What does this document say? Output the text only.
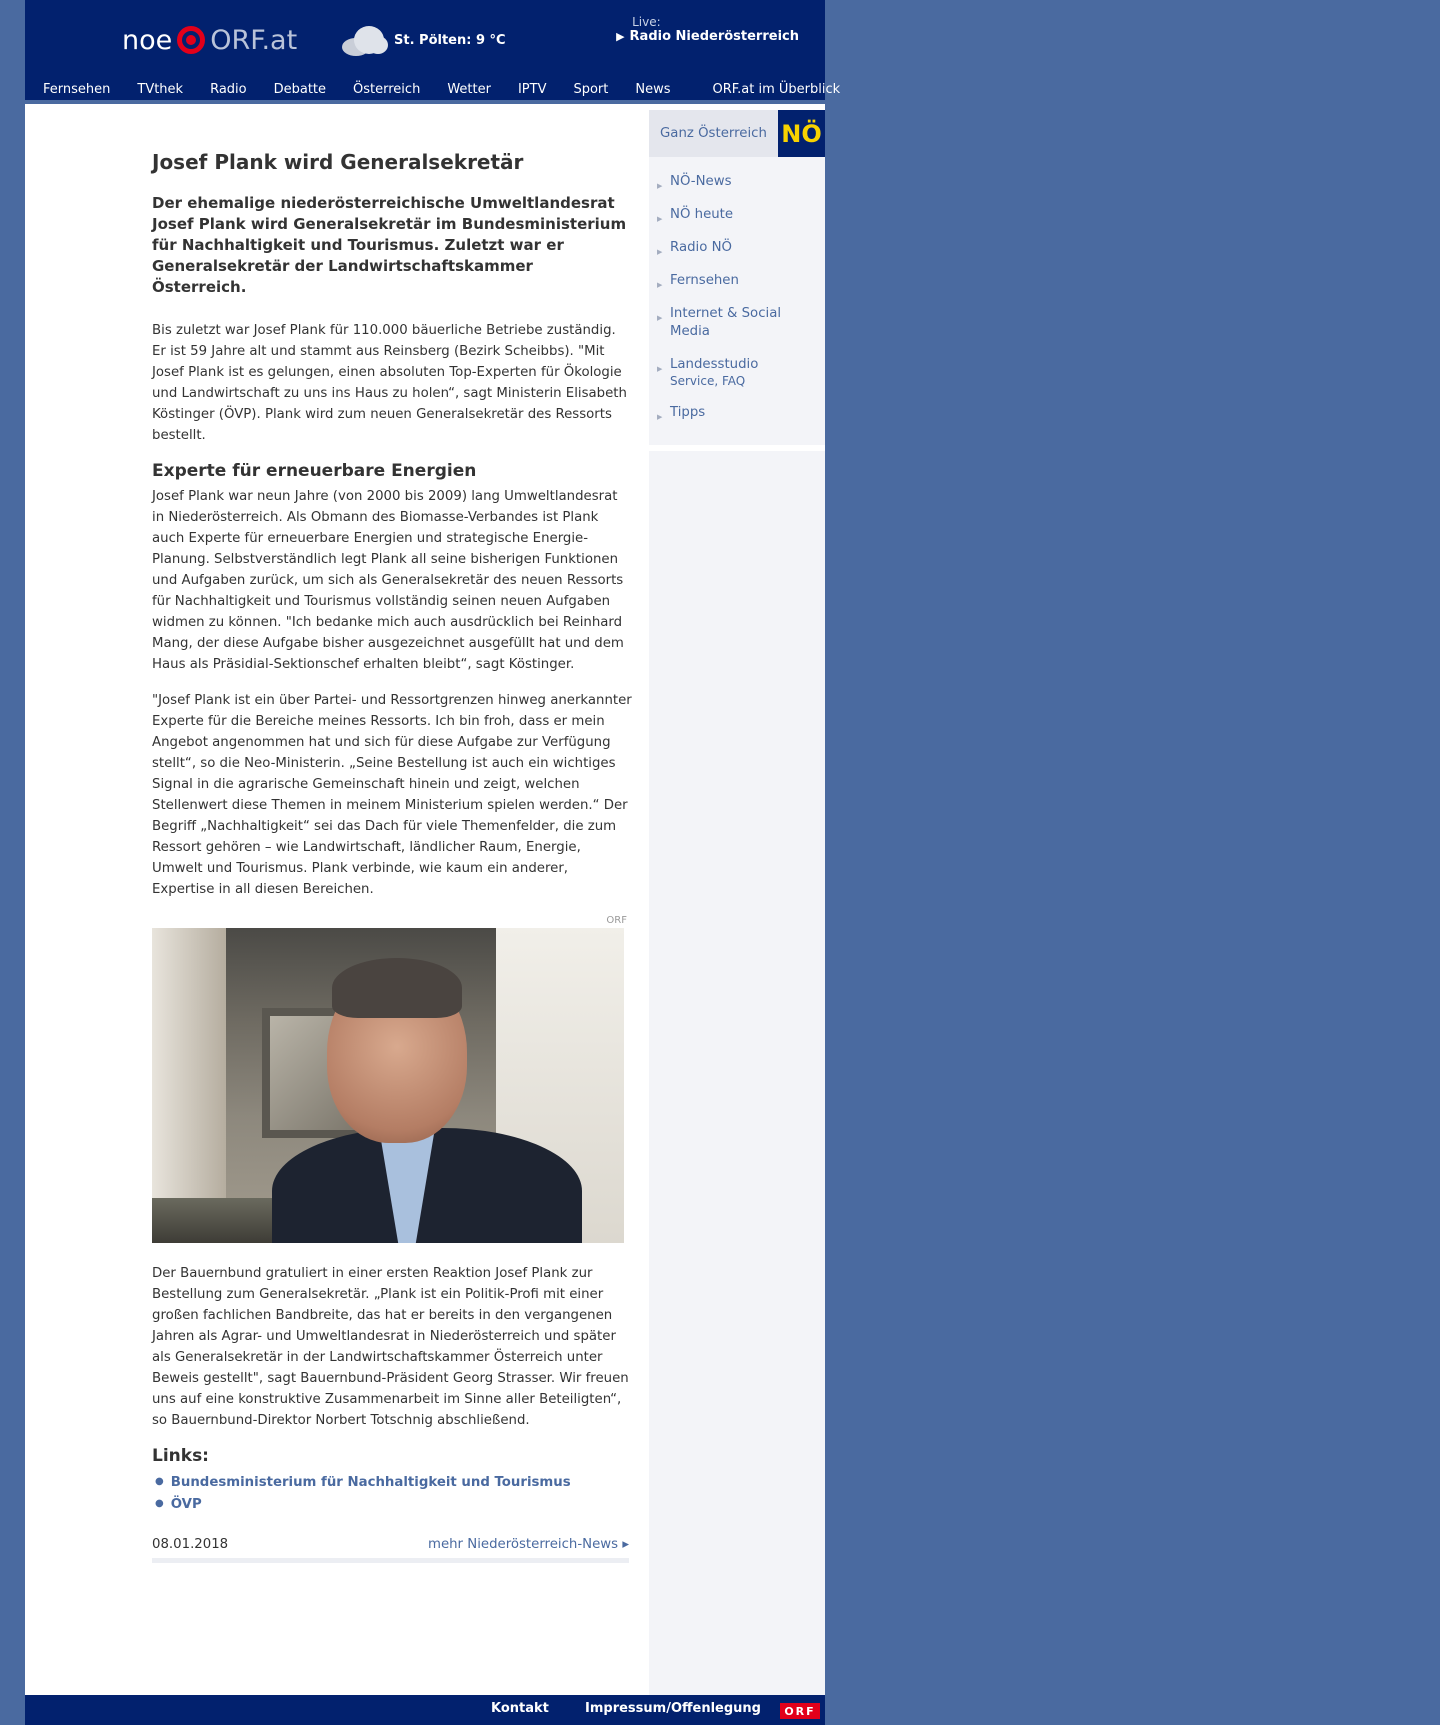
noe ORF.at	St. Pölten: 9 °C
Live:
▶ Radio Niederösterreich
Fernsehen TVthek Radio Debatte Österreich Wetter IPTV Sport News	ORF.at im Überblick
Josef Plank wird Generalsekretär

Der ehemalige niederösterreichische Umweltlandesrat Josef Plank wird Generalsekretär im Bundesministerium für Nachhaltigkeit und Tourismus. Zuletzt war er Generalsekretär der Landwirtschaftskammer Österreich.

Bis zuletzt war Josef Plank für 110.000 bäuerliche Betriebe zuständig. Er ist 59 Jahre alt und stammt aus Reinsberg (Bezirk Scheibbs). "Mit Josef Plank ist es gelungen, einen absoluten Top-Experten für Ökologie und Landwirtschaft zu uns ins Haus zu holen“, sagt Ministerin Elisabeth Köstinger (ÖVP). Plank wird zum neuen Generalsekretär des Ressorts bestellt.

Experte für erneuerbare Energien

Josef Plank war neun Jahre (von 2000 bis 2009) lang Umweltlandesrat in Niederösterreich. Als Obmann des Biomasse-Verbandes ist Plank auch Experte für erneuerbare Energien und strategische Energie-Planung. Selbstverständlich legt Plank all seine bisherigen Funktionen und Aufgaben zurück, um sich als Generalsekretär des neuen Ressorts für Nachhaltigkeit und Tourismus vollständig seinen neuen Aufgaben widmen zu können. "Ich bedanke mich auch ausdrücklich bei Reinhard Mang, der diese Aufgabe bisher ausgezeichnet ausgefüllt hat und dem Haus als Präsidial-Sektionschef erhalten bleibt“, sagt Köstinger.

"Josef Plank ist ein über Partei- und Ressortgrenzen hinweg anerkannter Experte für die Bereiche meines Ressorts. Ich bin froh, dass er mein Angebot angenommen hat und sich für diese Aufgabe zur Verfügung stellt“, so die Neo-Ministerin. „Seine Bestellung ist auch ein wichtiges Signal in die agrarische Gemeinschaft hinein und zeigt, welchen Stellenwert diese Themen in meinem Ministerium spielen werden.“ Der Begriff „Nachhaltigkeit“ sei das Dach für viele Themenfelder, die zum Ressort gehören – wie Landwirtschaft, ländlicher Raum, Energie, Umwelt und Tourismus. Plank verbinde, wie kaum ein anderer, Expertise in all diesen Bereichen.

ORF

Der Bauernbund gratuliert in einer ersten Reaktion Josef Plank zur Bestellung zum Generalsekretär. „Plank ist ein Politik-Profi mit einer großen fachlichen Bandbreite, das hat er bereits in den vergangenen Jahren als Agrar- und Umweltlandesrat in Niederösterreich und später als Generalsekretär in der Landwirtschaftskammer Österreich unter Beweis gestellt", sagt Bauernbund-Präsident Georg Strasser. Wir freuen uns auf eine konstruktive Zusammenarbeit im Sinne aller Beteiligten“, so Bauernbund-Direktor Norbert Totschnig abschließend.

Links:
● Bundesministerium für Nachhaltigkeit und Tourismus
● ÖVP
08.01.2018	mehr Niederösterreich-News ▸
Ganz Österreich NÖ
▶ NÖ-News
▶ NÖ heute
▶ Radio NÖ
▶ Fernsehen
▶ Internet & Social Media
▶ Landesstudio
Service, FAQ
▶ Tipps
Kontakt	Impressum/Offenlegung	ORF
